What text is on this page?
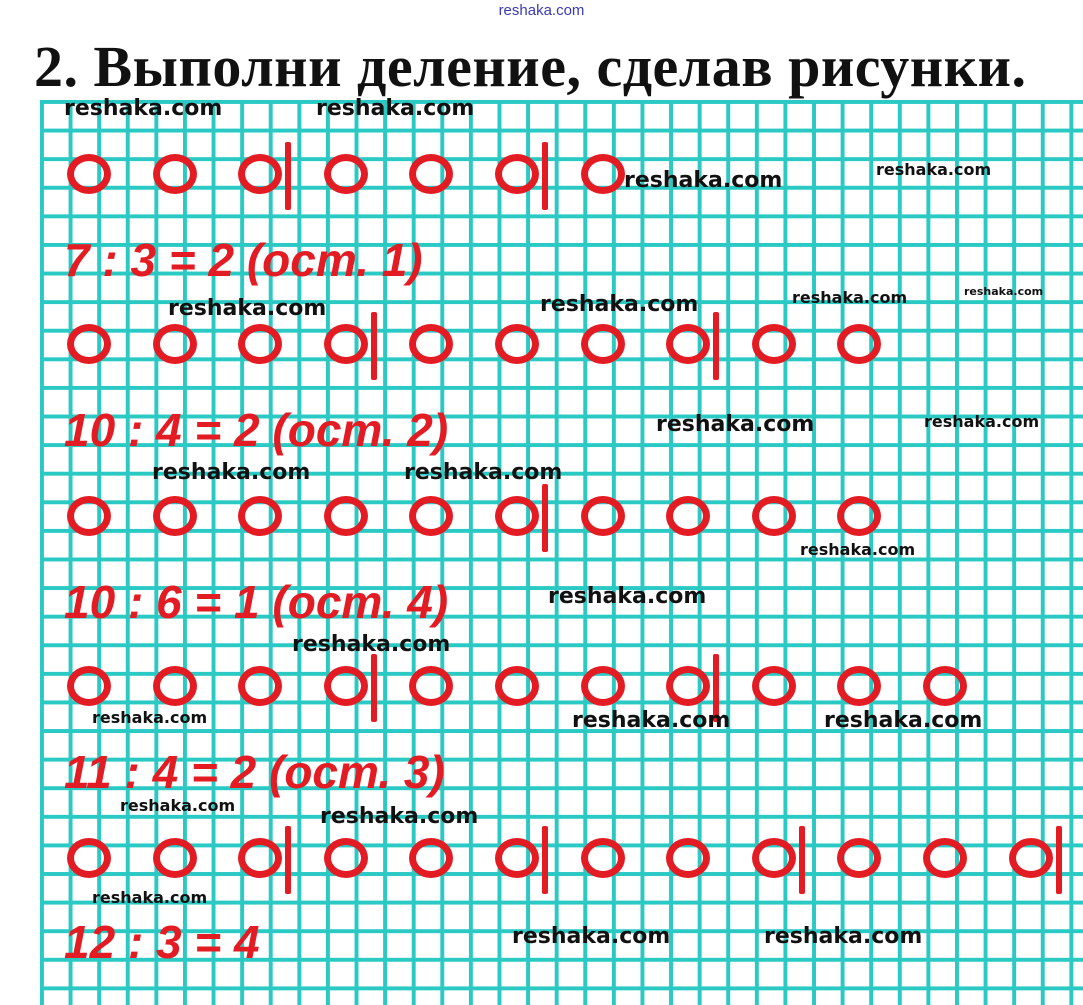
reshaka.com
2. Выполни деление, сделав рисунки.
7 : 3 = 2 (ост. 1)
10 : 4 = 2 (ост. 2)
10 : 6 = 1 (ост. 4)
11 : 4 = 2 (ост. 3)
12 : 3 = 4
reshaka.com	reshaka.com
reshaka.com	reshaka.com
reshaka.com	reshaka.com	reshaka.com	reshaka.com
reshaka.com	reshaka.com
reshaka.com	reshaka.com
reshaka.com
reshaka.com
reshaka.com
reshaka.com	reshaka.com	reshaka.com
reshaka.com	reshaka.com
reshaka.com
reshaka.com	reshaka.com
